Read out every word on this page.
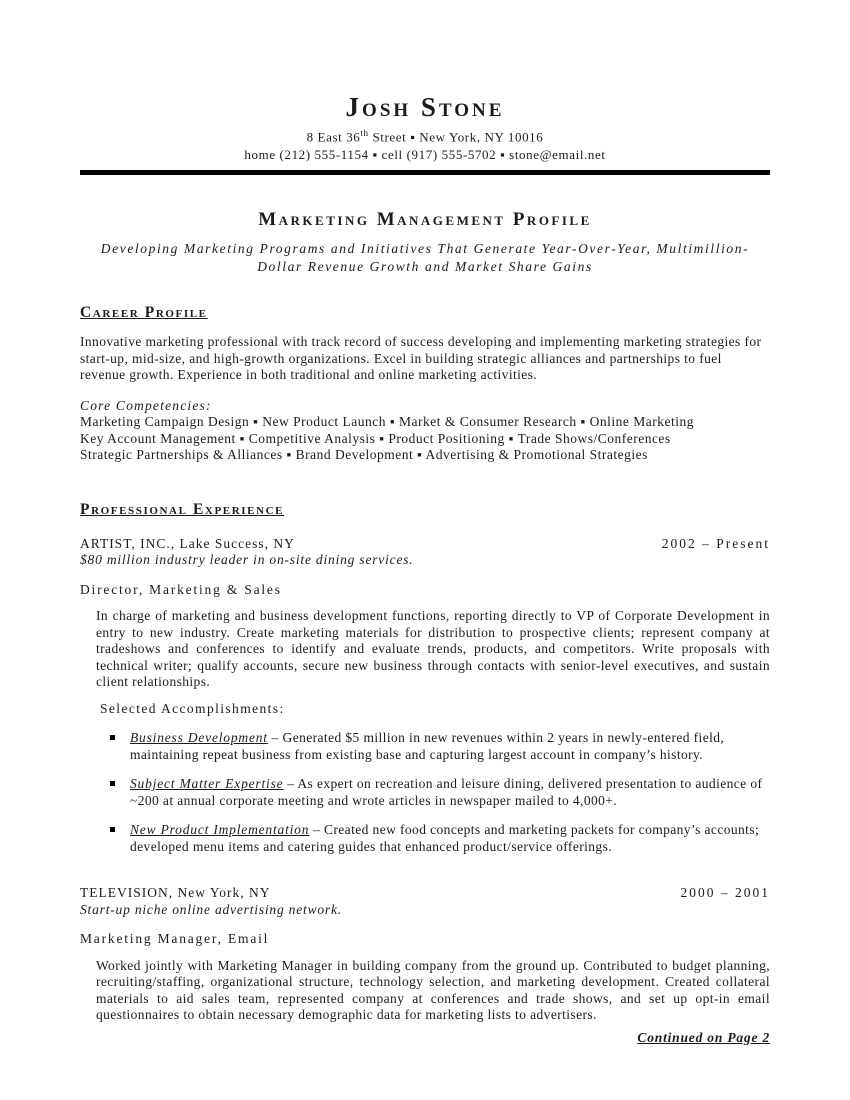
Josh Stone
8 East 36th Street ▪ New York, NY 10016
home (212) 555-1154 ▪ cell (917) 555-5702 ▪ stone@email.net
Marketing Management Profile
Developing Marketing Programs and Initiatives That Generate Year-Over-Year, Multimillion-Dollar Revenue Growth and Market Share Gains
Career Profile
Innovative marketing professional with track record of success developing and implementing marketing strategies for start-up, mid-size, and high-growth organizations. Excel in building strategic alliances and partnerships to fuel revenue growth. Experience in both traditional and online marketing activities.
Core Competencies:
Marketing Campaign Design ▪ New Product Launch ▪ Market & Consumer Research ▪ Online Marketing
Key Account Management ▪ Competitive Analysis ▪ Product Positioning ▪ Trade Shows/Conferences
Strategic Partnerships & Alliances ▪ Brand Development ▪ Advertising & Promotional Strategies
Professional Experience
ARTIST, INC., Lake Success, NY	2002 – Present
$80 million industry leader in on-site dining services.
Director, Marketing & Sales
In charge of marketing and business development functions, reporting directly to VP of Corporate Development in entry to new industry. Create marketing materials for distribution to prospective clients; represent company at tradeshows and conferences to identify and evaluate trends, products, and competitors. Write proposals with technical writer; qualify accounts, secure new business through contacts with senior-level executives, and sustain client relationships.
Selected Accomplishments:
Business Development – Generated $5 million in new revenues within 2 years in newly-entered field, maintaining repeat business from existing base and capturing largest account in company’s history.
Subject Matter Expertise – As expert on recreation and leisure dining, delivered presentation to audience of ~200 at annual corporate meeting and wrote articles in newspaper mailed to 4,000+.
New Product Implementation – Created new food concepts and marketing packets for company’s accounts; developed menu items and catering guides that enhanced product/service offerings.
TELEVISION, New York, NY	2000 – 2001
Start-up niche online advertising network.
Marketing Manager, Email
Worked jointly with Marketing Manager in building company from the ground up. Contributed to budget planning, recruiting/staffing, organizational structure, technology selection, and marketing development. Created collateral materials to aid sales team, represented company at conferences and trade shows, and set up opt-in email questionnaires to obtain necessary demographic data for marketing lists to advertisers.
Continued on Page 2
